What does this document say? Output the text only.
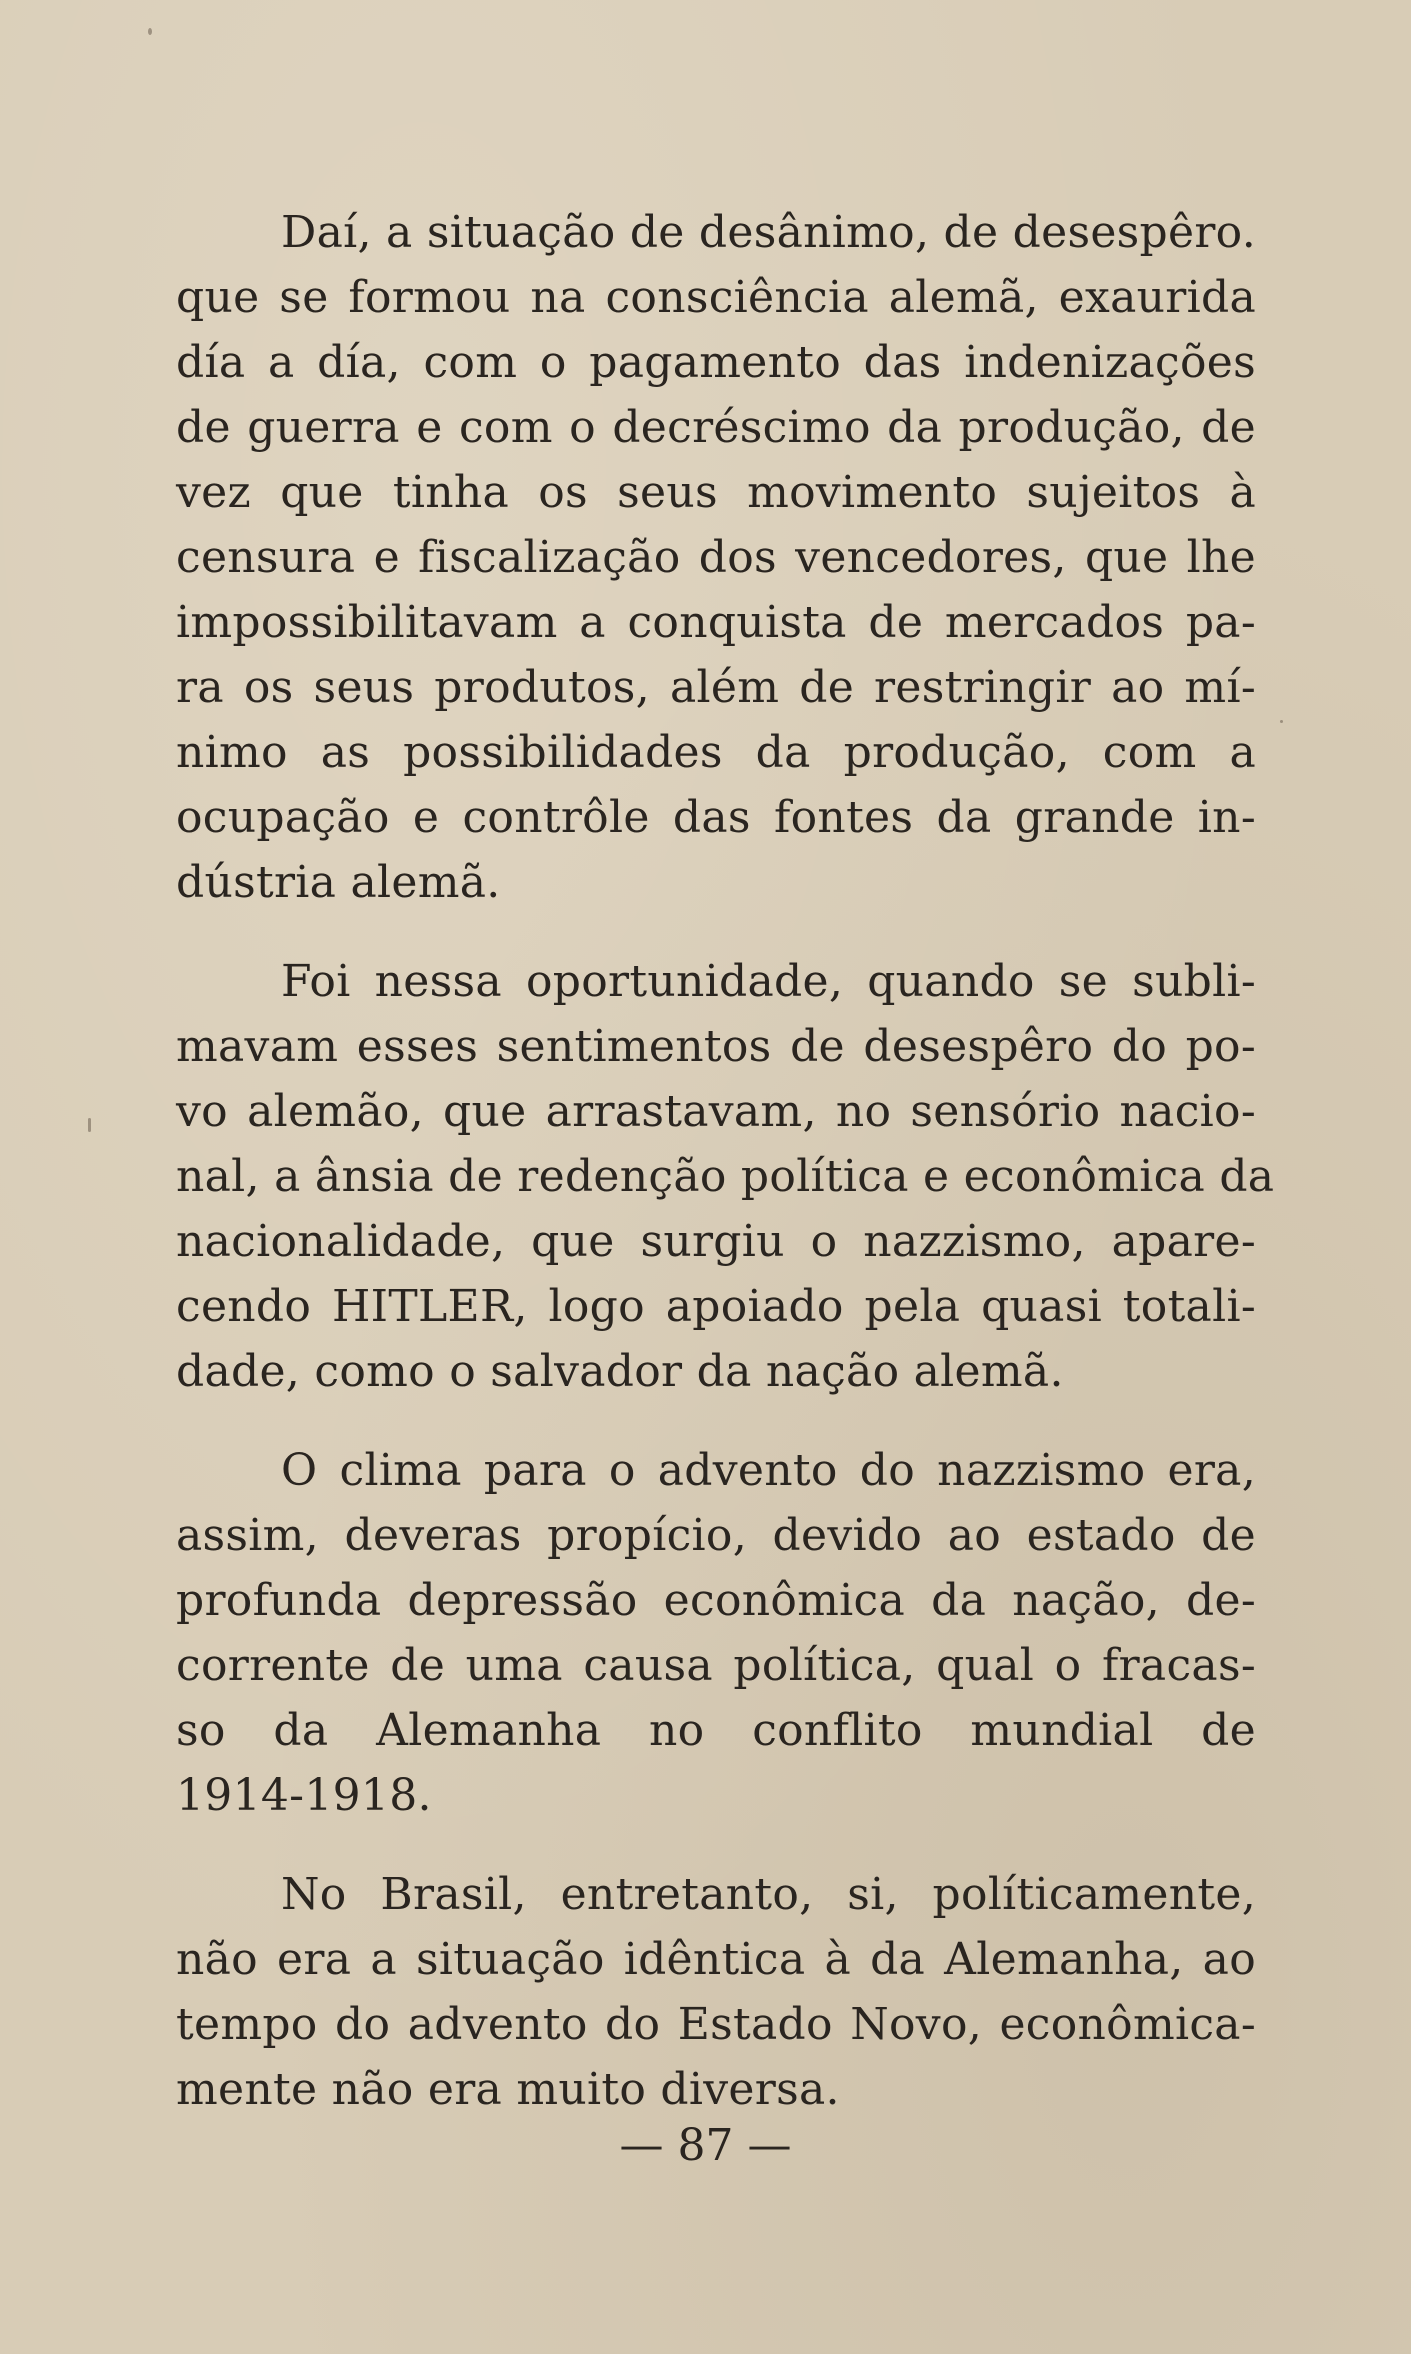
Daí, a situação de desânimo, de desespêro.
que se formou na consciência alemã, exaurida
día a día, com o pagamento das indenizações
de guerra e com o decréscimo da produção, de
vez que tinha os seus movimento sujeitos à
censura e fiscalização dos vencedores, que lhe
impossibilitavam a conquista de mercados pa-
ra os seus produtos, além de restringir ao mí-
nimo as possibilidades da produção, com a
ocupação e contrôle das fontes da grande in-
dústria alemã.
Foi nessa oportunidade, quando se subli-
mavam esses sentimentos de desespêro do po-
vo alemão, que arrastavam, no sensório nacio-
nal, a ânsia de redenção política e econômica da
nacionalidade, que surgiu o nazzismo, apare-
cendo HITLER, logo apoiado pela quasi totali-
dade, como o salvador da nação alemã.
O clima para o advento do nazzismo era,
assim, deveras propício, devido ao estado de
profunda depressão econômica da nação, de-
corrente de uma causa política, qual o fracas-
so da Alemanha no conflito mundial de
1914-1918.
No Brasil, entretanto, si, políticamente,
não era a situação idêntica à da Alemanha, ao
tempo do advento do Estado Novo, econômica-
mente não era muito diversa.
— 87 —
